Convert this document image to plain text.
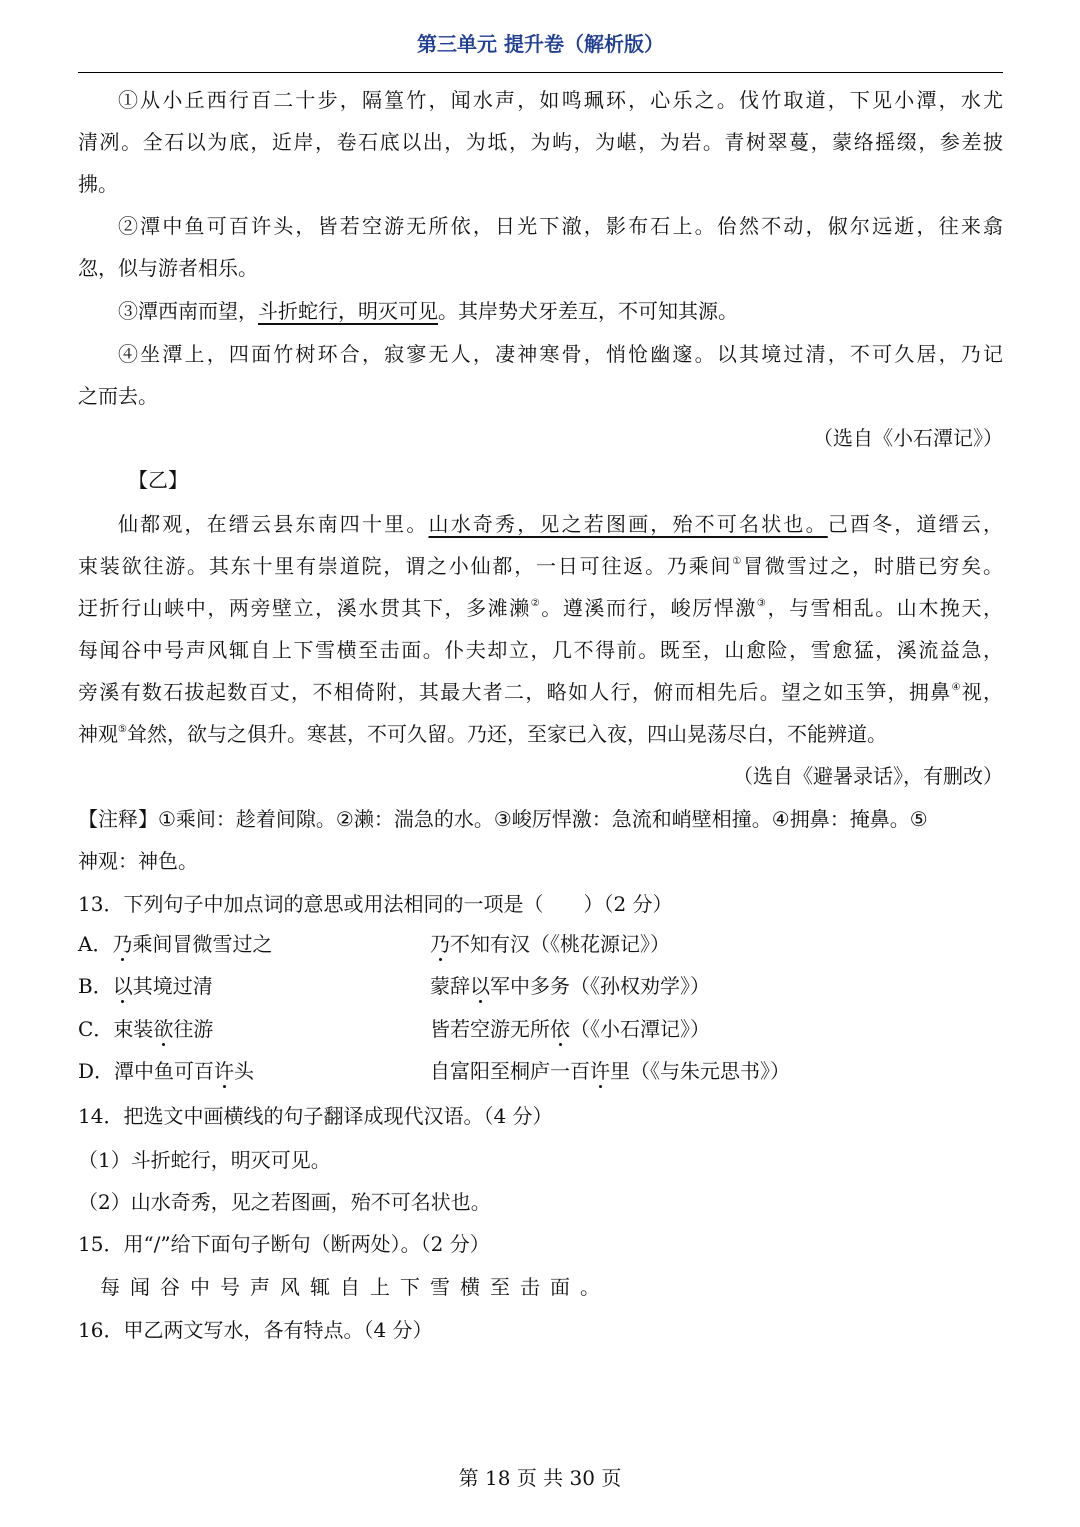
第三单元 提升卷（解析版）
①从小丘西行百二十步，隔篁竹，闻水声，如鸣珮环，心乐之。伐竹取道，下见小潭，水尤
清冽。全石以为底，近岸，卷石底以出，为坻，为屿，为嵁，为岩。青树翠蔓，蒙络摇缀，参差披
拂。
②潭中鱼可百许头，皆若空游无所依，日光下澈，影布石上。佁然不动，俶尔远逝，往来翕
忽，似与游者相乐。
③潭西南而望，斗折蛇行，明灭可见。其岸势犬牙差互，不可知其源。
④坐潭上，四面竹树环合，寂寥无人，凄神寒骨，悄怆幽邃。以其境过清，不可久居，乃记
之而去。
（选自《小石潭记》）
【乙】
仙都观，在缙云县东南四十里。山水奇秀，见之若图画，殆不可名状也。己酉冬，道缙云，
束装欲往游。其东十里有崇道院，谓之小仙都，一日可往返。乃乘间①冒微雪过之，时腊已穷矣。
迂折行山峡中，两旁壁立，溪水贯其下，多滩濑②。遵溪而行，峻厉悍激③，与雪相乱。山木挽天，
每闻谷中号声风辄自上下雪横至击面。仆夫却立，几不得前。既至，山愈险，雪愈猛，溪流益急，
旁溪有数石拔起数百丈，不相倚附，其最大者二，略如人行，俯而相先后。望之如玉笋，拥鼻④视，
神观⑤耸然，欲与之俱升。寒甚，不可久留。乃还，至家已入夜，四山晃荡尽白，不能辨道。
（选自《避暑录话》，有删改）
【注释】①乘间：趁着间隙。②濑：湍急的水。③峻厉悍激：急流和峭壁相撞。④拥鼻：掩鼻。⑤
神观：神色。
13．下列句子中加点词的意思或用法相同的一项是（　　）（2 分）
A．乃乘间冒微雪过之	乃不知有汉（《桃花源记》）
B．以其境过清	蒙辞以军中多务（《孙权劝学》）
C．束装欲往游	皆若空游无所依（《小石潭记》）
D．潭中鱼可百许头	自富阳至桐庐一百许里（《与朱元思书》）
14．把选文中画横线的句子翻译成现代汉语。（4 分）
（1）斗折蛇行，明灭可见。
（2）山水奇秀，见之若图画，殆不可名状也。
15．用“/”给下面句子断句（断两处）。（2 分）
每闻谷中号声风辄自上下雪横至击面。
16．甲乙两文写水，各有特点。（4 分）
第 18 页 共 30 页
